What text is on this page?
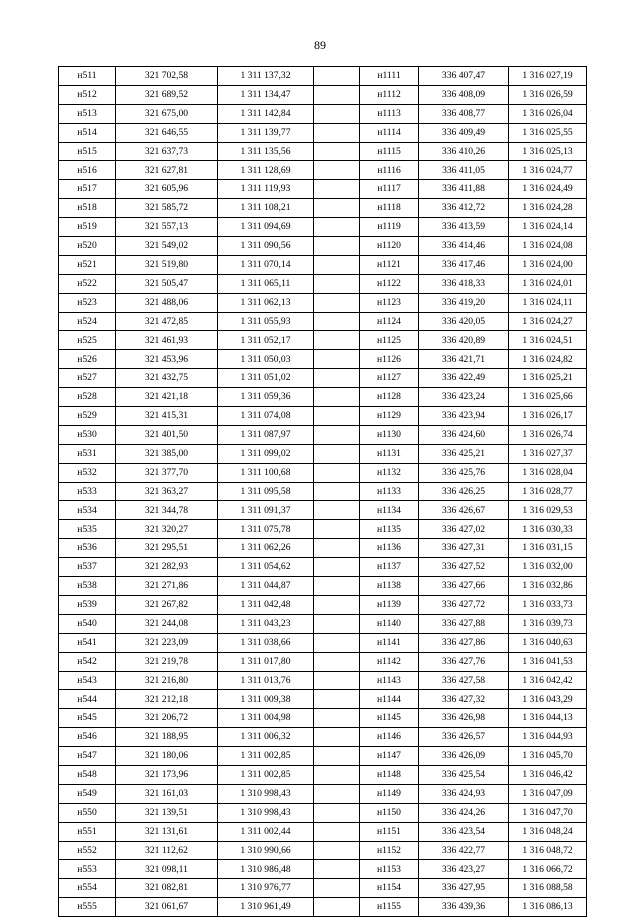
89
н511	321 702,58	1 311 137,32		н1111	336 407,47	1 316 027,19
н512	321 689,52	1 311 134,47		н1112	336 408,09	1 316 026,59
н513	321 675,00	1 311 142,84		н1113	336 408,77	1 316 026,04
н514	321 646,55	1 311 139,77		н1114	336 409,49	1 316 025,55
н515	321 637,73	1 311 135,56		н1115	336 410,26	1 316 025,13
н516	321 627,81	1 311 128,69		н1116	336 411,05	1 316 024,77
н517	321 605,96	1 311 119,93		н1117	336 411,88	1 316 024,49
н518	321 585,72	1 311 108,21		н1118	336 412,72	1 316 024,28
н519	321 557,13	1 311 094,69		н1119	336 413,59	1 316 024,14
н520	321 549,02	1 311 090,56		н1120	336 414,46	1 316 024,08
н521	321 519,80	1 311 070,14		н1121	336 417,46	1 316 024,00
н522	321 505,47	1 311 065,11		н1122	336 418,33	1 316 024,01
н523	321 488,06	1 311 062,13		н1123	336 419,20	1 316 024,11
н524	321 472,85	1 311 055,93		н1124	336 420,05	1 316 024,27
н525	321 461,93	1 311 052,17		н1125	336 420,89	1 316 024,51
н526	321 453,96	1 311 050,03		н1126	336 421,71	1 316 024,82
н527	321 432,75	1 311 051,02		н1127	336 422,49	1 316 025,21
н528	321 421,18	1 311 059,36		н1128	336 423,24	1 316 025,66
н529	321 415,31	1 311 074,08		н1129	336 423,94	1 316 026,17
н530	321 401,50	1 311 087,97		н1130	336 424,60	1 316 026,74
н531	321 385,00	1 311 099,02		н1131	336 425,21	1 316 027,37
н532	321 377,70	1 311 100,68		н1132	336 425,76	1 316 028,04
н533	321 363,27	1 311 095,58		н1133	336 426,25	1 316 028,77
н534	321 344,78	1 311 091,37		н1134	336 426,67	1 316 029,53
н535	321 320,27	1 311 075,78		н1135	336 427,02	1 316 030,33
н536	321 295,51	1 311 062,26		н1136	336 427,31	1 316 031,15
н537	321 282,93	1 311 054,62		н1137	336 427,52	1 316 032,00
н538	321 271,86	1 311 044,87		н1138	336 427,66	1 316 032,86
н539	321 267,82	1 311 042,48		н1139	336 427,72	1 316 033,73
н540	321 244,08	1 311 043,23		н1140	336 427,88	1 316 039,73
н541	321 223,09	1 311 038,66		н1141	336 427,86	1 316 040,63
н542	321 219,78	1 311 017,80		н1142	336 427,76	1 316 041,53
н543	321 216,80	1 311 013,76		н1143	336 427,58	1 316 042,42
н544	321 212,18	1 311 009,38		н1144	336 427,32	1 316 043,29
н545	321 206,72	1 311 004,98		н1145	336 426,98	1 316 044,13
н546	321 188,95	1 311 006,32		н1146	336 426,57	1 316 044,93
н547	321 180,06	1 311 002,85		н1147	336 426,09	1 316 045,70
н548	321 173,96	1 311 002,85		н1148	336 425,54	1 316 046,42
н549	321 161,03	1 310 998,43		н1149	336 424,93	1 316 047,09
н550	321 139,51	1 310 998,43		н1150	336 424,26	1 316 047,70
н551	321 131,61	1 311 002,44		н1151	336 423,54	1 316 048,24
н552	321 112,62	1 310 990,66		н1152	336 422,77	1 316 048,72
н553	321 098,11	1 310 986,48		н1153	336 423,27	1 316 066,72
н554	321 082,81	1 310 976,77		н1154	336 427,95	1 316 088,58
н555	321 061,67	1 310 961,49		н1155	336 439,36	1 316 086,13
